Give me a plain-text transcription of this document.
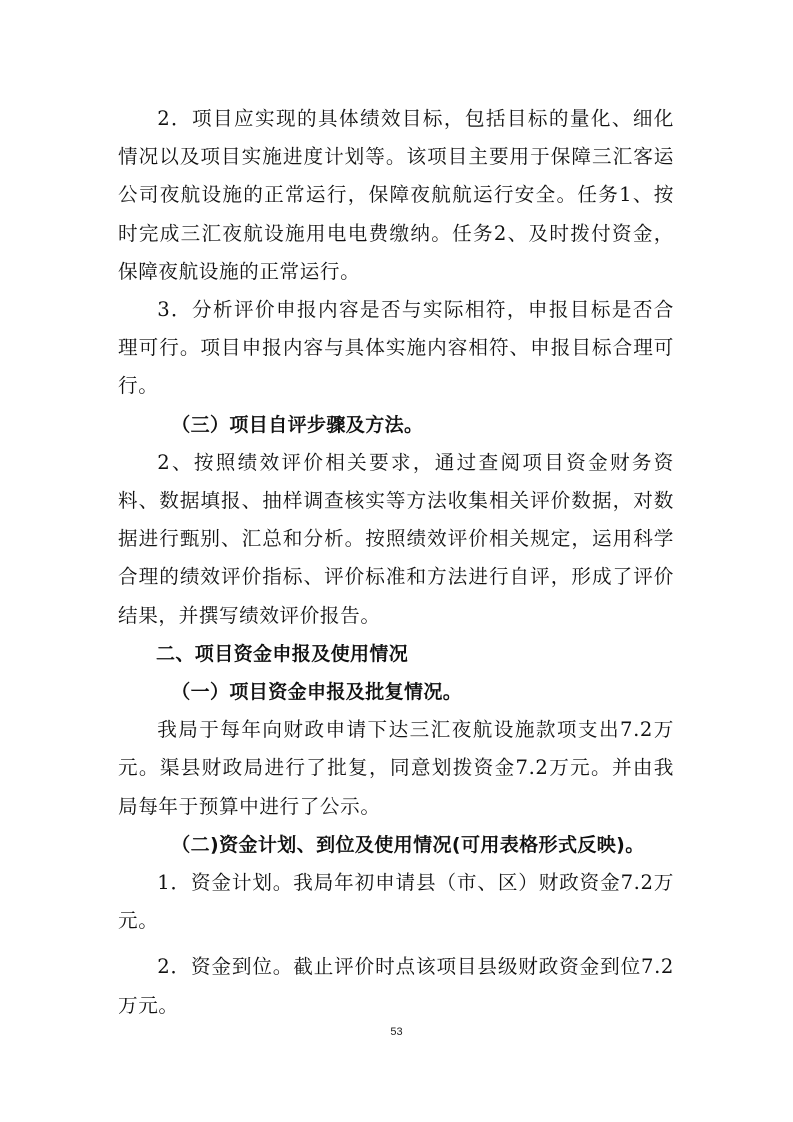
2．项目应实现的具体绩效目标，包括目标的量化、细化情况以及项目实施进度计划等。该项目主要用于保障三汇客运公司夜航设施的正常运行，保障夜航航运行安全。任务1、按时完成三汇夜航设施用电电费缴纳。任务2、及时拨付资金，保障夜航设施的正常运行。

3．分析评价申报内容是否与实际相符，申报目标是否合理可行。项目申报内容与具体实施内容相符、申报目标合理可行。

（三）项目自评步骤及方法。

2、按照绩效评价相关要求，通过查阅项目资金财务资料、数据填报、抽样调查核实等方法收集相关评价数据，对数据进行甄别、汇总和分析。按照绩效评价相关规定，运用科学合理的绩效评价指标、评价标准和方法进行自评，形成了评价结果，并撰写绩效评价报告。

二、项目资金申报及使用情况

（一）项目资金申报及批复情况。

我局于每年向财政申请下达三汇夜航设施款项支出7.2万元。渠县财政局进行了批复，同意划拨资金7.2万元。并由我局每年于预算中进行了公示。

（二)资金计划、到位及使用情况(可用表格形式反映)。

1．资金计划。我局年初申请县（市、区）财政资金7.2万元。

2．资金到位。截止评价时点该项目县级财政资金到位7.2万元。

53
